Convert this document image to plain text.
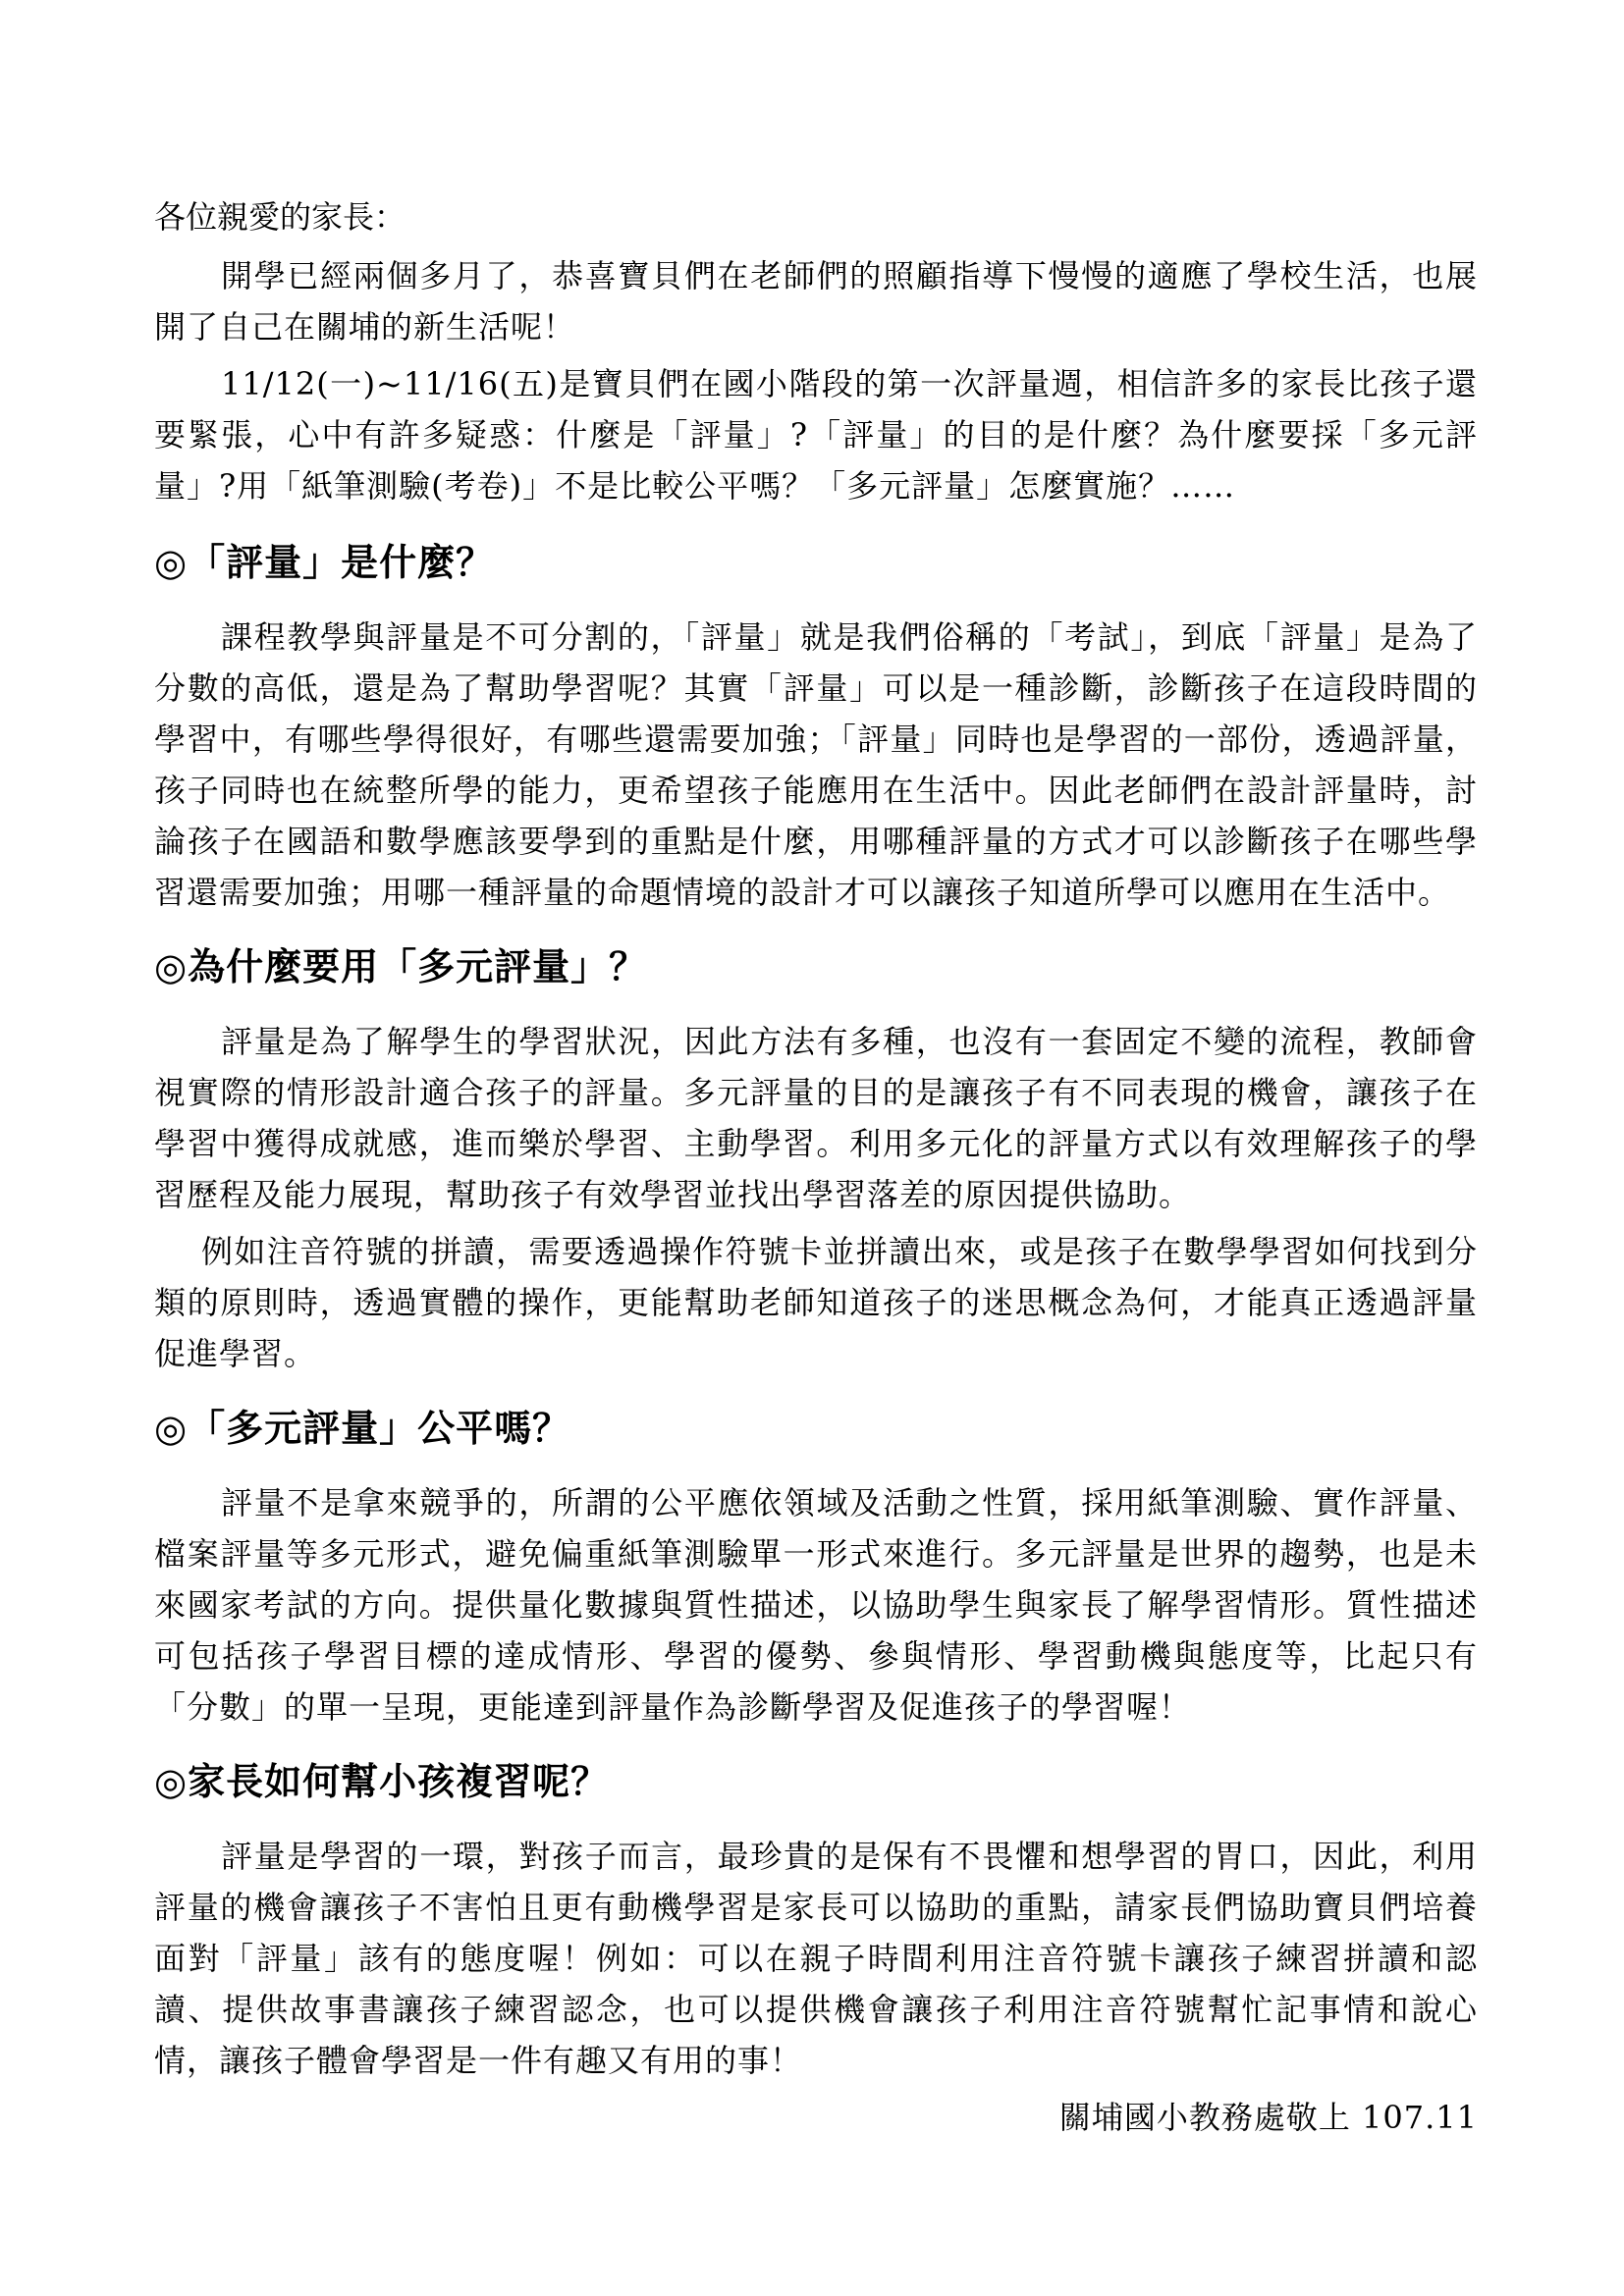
各位親愛的家長：

開學已經兩個多月了，恭喜寶貝們在老師們的照顧指導下慢慢的適應了學校生活，也展開了自己在關埔的新生活呢！

11/12(一)~11/16(五)是寶貝們在國小階段的第一次評量週，相信許多的家長比孩子還要緊張，心中有許多疑惑：什麼是「評量」?「評量」的目的是什麼？為什麼要採「多元評量」?用「紙筆測驗(考卷)」不是比較公平嗎？「多元評量」怎麼實施？……

◎「評量」是什麼？

課程教學與評量是不可分割的，「評量」就是我們俗稱的「考試」，到底「評量」是為了分數的高低，還是為了幫助學習呢？其實「評量」可以是一種診斷，診斷孩子在這段時間的學習中，有哪些學得很好，有哪些還需要加強；「評量」同時也是學習的一部份，透過評量，孩子同時也在統整所學的能力，更希望孩子能應用在生活中。因此老師們在設計評量時，討論孩子在國語和數學應該要學到的重點是什麼，用哪種評量的方式才可以診斷孩子在哪些學習還需要加強；用哪一種評量的命題情境的設計才可以讓孩子知道所學可以應用在生活中。

◎為什麼要用「多元評量」？

評量是為了解學生的學習狀況，因此方法有多種，也沒有一套固定不變的流程，教師會視實際的情形設計適合孩子的評量。多元評量的目的是讓孩子有不同表現的機會，讓孩子在學習中獲得成就感，進而樂於學習、主動學習。利用多元化的評量方式以有效理解孩子的學習歷程及能力展現，幫助孩子有效學習並找出學習落差的原因提供協助。

例如注音符號的拼讀，需要透過操作符號卡並拼讀出來，或是孩子在數學學習如何找到分類的原則時，透過實體的操作，更能幫助老師知道孩子的迷思概念為何，才能真正透過評量促進學習。

◎「多元評量」公平嗎？

評量不是拿來競爭的，所謂的公平應依領域及活動之性質，採用紙筆測驗、實作評量、檔案評量等多元形式，避免偏重紙筆測驗單一形式來進行。多元評量是世界的趨勢，也是未來國家考試的方向。提供量化數據與質性描述，以協助學生與家長了解學習情形。質性描述可包括孩子學習目標的達成情形、學習的優勢、參與情形、學習動機與態度等，比起只有「分數」的單一呈現，更能達到評量作為診斷學習及促進孩子的學習喔！

◎家長如何幫小孩複習呢？

評量是學習的一環，對孩子而言，最珍貴的是保有不畏懼和想學習的胃口，因此，利用評量的機會讓孩子不害怕且更有動機學習是家長可以協助的重點，請家長們協助寶貝們培養面對「評量」該有的態度喔！例如：可以在親子時間利用注音符號卡讓孩子練習拼讀和認讀、提供故事書讓孩子練習認念，也可以提供機會讓孩子利用注音符號幫忙記事情和說心情，讓孩子體會學習是一件有趣又有用的事！

關埔國小教務處敬上 107.11
